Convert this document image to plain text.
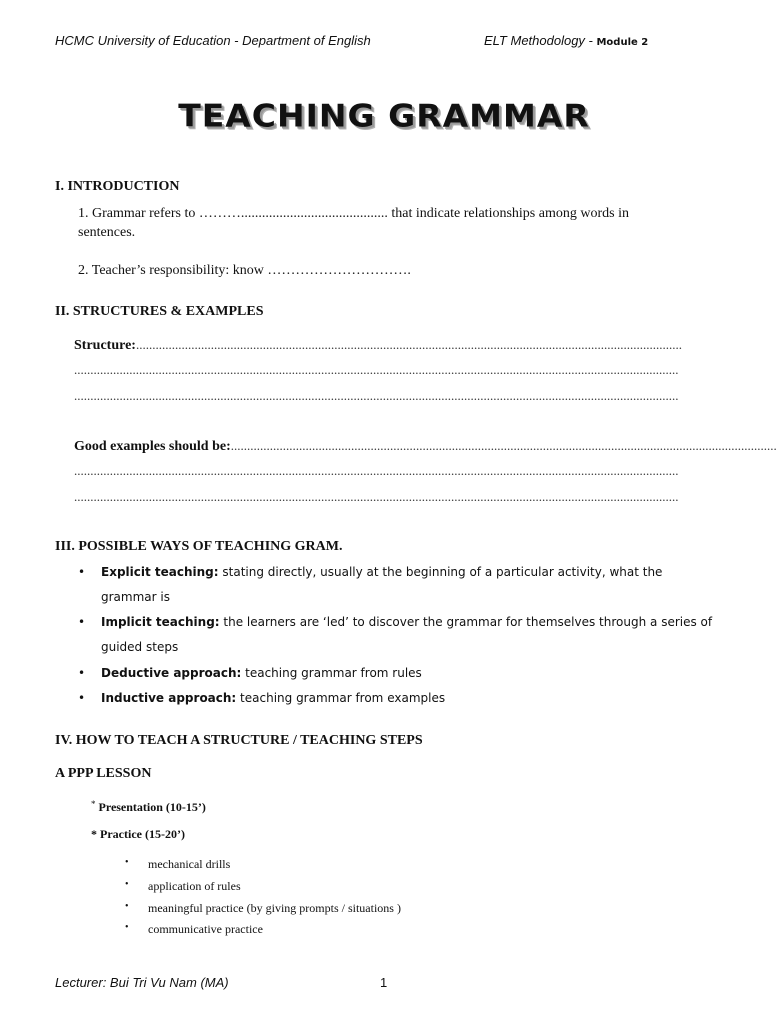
HCMC University of Education - Department of English	ELT Methodology - Module 2
TEACHING GRAMMAR
I. INTRODUCTION
1. Grammar refers to ……….......................................... that indicate relationships among words in
sentences.
2. Teacher’s responsibility: know ………………………….
II. STRUCTURES & EXAMPLES
Structure:........................................................................................................................................................................
..........................................................................................................................................................................................
..........................................................................................................................................................................................
Good examples should be:........................................................................................................................................................................
..........................................................................................................................................................................................
..........................................................................................................................................................................................
III. POSSIBLE WAYS OF TEACHING GRAM.
• Explicit teaching: stating directly, usually at the beginning of a particular activity, what the grammar is
• Implicit teaching: the learners are ‘led’ to discover the grammar for themselves through a series of guided steps
• Deductive approach: teaching grammar from rules
• Inductive approach: teaching grammar from examples
IV. HOW TO TEACH A STRUCTURE / TEACHING STEPS
A PPP LESSON
* Presentation (10-15’)
* Practice (15-20’)
• mechanical drills
• application of rules
• meaningful practice (by giving prompts / situations )
• communicative practice
Lecturer: Bui Tri Vu Nam (MA)	1
